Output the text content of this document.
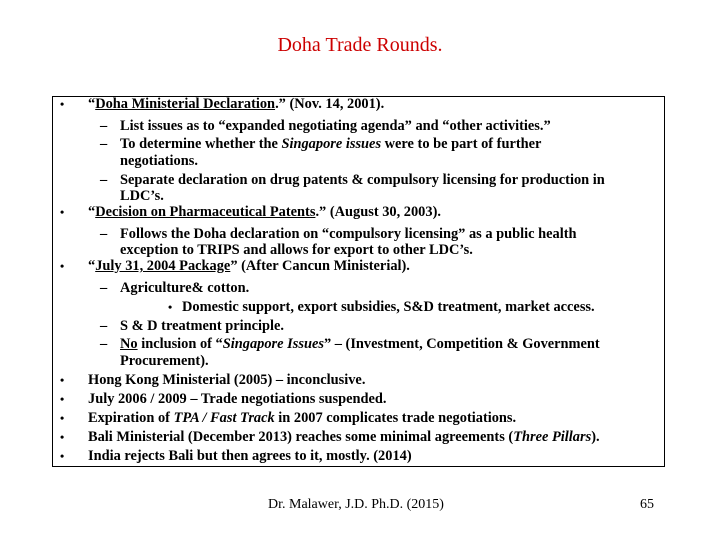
Doha Trade Rounds.
•
•
•
•
•
•
•
•
–
–
–
–
–
–
–
•
“Doha Ministerial Declaration.” (Nov. 14, 2001).
List issues as to “expanded negotiating agenda” and “other activities.”
To determine whether the Singapore issues were to be part of further
negotiations.
Separate declaration on drug patents & compulsory licensing for production in
LDC’s.
“Decision on Pharmaceutical Patents.” (August 30, 2003).
Follows the Doha declaration on “compulsory licensing” as a public health
exception to TRIPS and allows for export to other LDC’s.
“July 31, 2004 Package” (After Cancun Ministerial).
Agriculture& cotton.
Domestic support, export subsidies, S&D treatment, market access.
S & D treatment principle.
No inclusion of “Singapore Issues” – (Investment, Competition & Government
Procurement).
Hong Kong Ministerial (2005) – inconclusive.
July 2006 / 2009 – Trade negotiations suspended.
Expiration of TPA / Fast Track in 2007 complicates trade negotiations.
Bali Ministerial (December 2013) reaches some minimal agreements (Three Pillars).
India rejects Bali but then agrees to it, mostly. (2014)
Dr. Malawer, J.D. Ph.D. (2015)	65
